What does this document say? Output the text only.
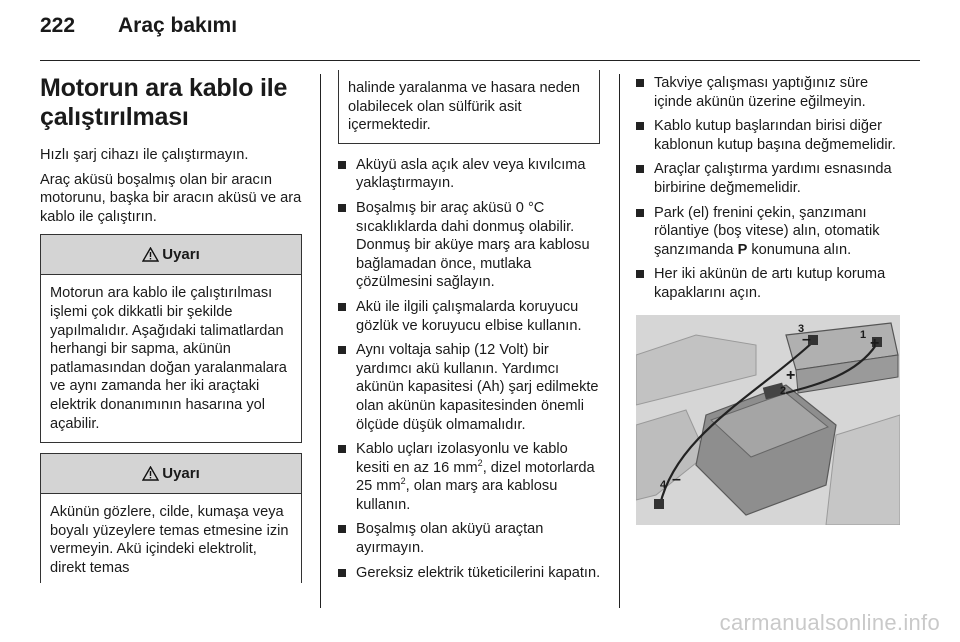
222 Araç bakımı
Motorun ara kablo ile çalıştırılması

Hızlı şarj cihazı ile çalıştırmayın.

Araç aküsü boşalmış olan bir aracın motorunu, başka bir aracın aküsü ve ara kablo ile çalıştırın.

Uyarı
Motorun ara kablo ile çalıştırılması işlemi çok dikkatli bir şekilde yapılmalıdır. Aşağıdaki talimatlardan herhangi bir sapma, akünün patlamasından doğan yaralanmalara ve aynı zamanda her iki araçtaki elektrik donanımının hasarına yol açabilir.
Uyarı
Akünün gözlere, cilde, kumaşa veya boyalı yüzeylere temas etmesine izin vermeyin. Akü içindeki elektrolit, direkt temas
halinde yaralanma ve hasara neden olabilecek olan sülfürik asit içermektedir.
Aküyü asla açık alev veya kıvılcıma yaklaştırmayın.
Boşalmış bir araç aküsü 0 °C sıcaklıklarda dahi donmuş olabilir. Donmuş bir aküye marş ara kablosu bağlamadan önce, mutlaka çözülmesini sağlayın.
Akü ile ilgili çalışmalarda koruyucu gözlük ve koruyucu elbise kullanın.
Aynı voltaja sahip (12 Volt) bir yardımcı akü kullanın. Yardımcı akünün kapasitesi (Ah) şarj edilmekte olan akünün kapasitesinden önemli ölçüde düşük olmamalıdır.
Kablo uçları izolasyonlu ve kablo kesiti en az 16 $mm^2$, dizel motorlarda 25 $mm^2$, olan marş ara kablosu kullanın.
Boşalmış olan aküyü araçtan ayırmayın.
Gereksiz elektrik tüketicilerini kapatın.
Takviye çalışması yaptığınız süre içinde akünün üzerine eğilmeyin.
Kablo kutup başlarından birisi diğer kablonun kutup başına değmemelidir.
Araçlar çalıştırma yardımı esnasında birbirine değmemelidir.
Park (el) frenini çekin, şanzımanı rölantiye (boş vitese) alın, otomatik şanzımanda P konumuna alın.
Her iki akünün de artı kutup koruma kapaklarını açın.
1 +
3
–
+
2
4 –
carmanualsonline.info
